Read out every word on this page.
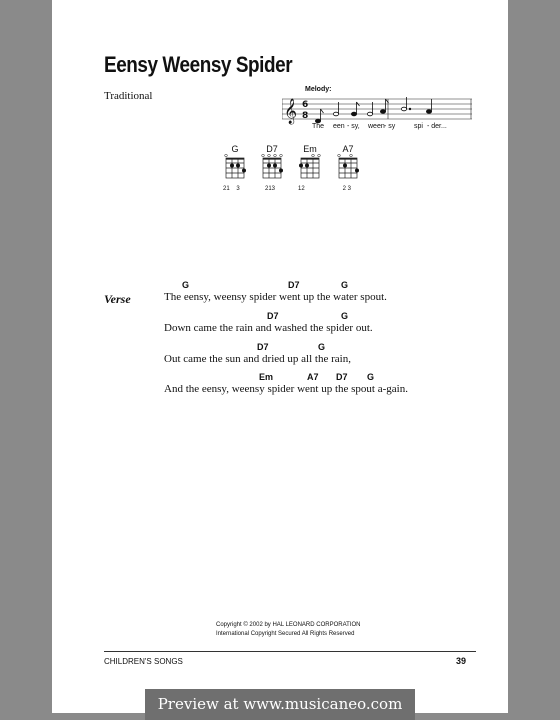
Eensy Weensy Spider
Traditional
Melody:
𝄞 6
8
The een - sy, ween - sy	spi - der...
G
21    3
D7
213
Em
12
A7
2 3
Verse
G	D7	G
The eensy, weensy spider went up the water spout.
D7	G
Down came the rain and washed the spider out.
D7	G
Out came the sun and dried up all the rain,
Em	A7 D7 G
And the eensy, weensy spider went up the spout a-gain.
Copyright © 2002 by HAL LEONARD CORPORATION
International Copyright Secured All Rights Reserved
CHILDREN'S SONGS	39
Preview at www.musicaneo.com
